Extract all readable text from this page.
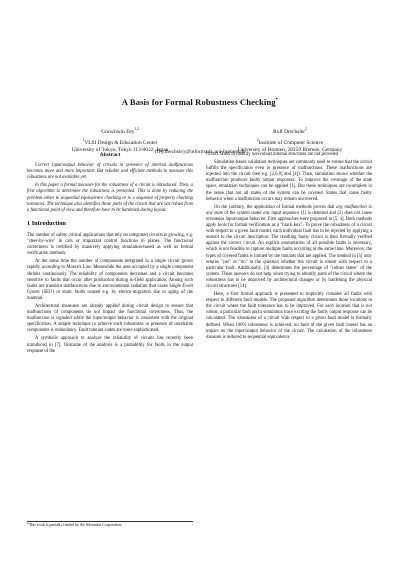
A Basis for Formal Robustness Checking*
Görschwin Fey$^{1,2}$
$^1$VLSI Design & Education Center
University of Tokyo, Tokyo 113-0032, Japan
Rolf Drechsler$^2$
$^2$Institute of Computer Science
University of Bremen, 28359 Bremen, Germany
{fey,drechsle}@informatik.uni-bremen.de
Abstract

Correct input/output behavior of circuits in presence of internal malfunctions becomes more and more important. But reliable and efficient methods to measure this robustness are not available yet.

In this paper a formal measure for the robustness of a circuit is introduced. Then, a first algorithm to determine the robustness is presented. This is done by reducing the problem either to sequential equivalence checking or to a sequence of property checking instances. The technique also identifies those parts of the circuit that are not robust from a functional point of view and therefore have to be hardened during layout.

1 Introduction

The number of safety critical applications that rely on integrated circuits is growing, e.g. "steer-by-wire" in cars or important control functions in planes. The functional correctness is certified by massively applying simulation-based as well as formal verification methods.

At the same time the number of components integrated in a single circuit grows rapidly according to Moore's Law. Meanwhile the area occupied by a single component shrinks continuously. The reliability of components decreases and a circuit becomes sensitive to faults that occur after production during in-field application. Among such faults are transient malfunctions due to environmental radiation that cause Single Event Upsets (SEU) or static faults caused e.g. by electro-migration due to aging of the material.

Architectural measures are already applied during circuit design to ensure that malfunctions of components do not impact the functional correctness. Thus, the malfunction is signaled while the input/output behavior is consistent with the original specification. A simple technique to achieve such robustness in presence of unreliable components is redundancy. Fault tolerant codes are more sophisticated.

A symbolic approach to analyze the reliability of circuits has recently been introduced in [7]. Outcome of the analysis is a probability for faults in the output response of the

*This work is partially funded by the Advantest Corporation.

circuit. Hints to identify non-robust internal structures are not provided.

Simulation-based validation techniques are commonly used to ensure that the circuit fulfills the specification even in presence of malfunctions. These malfunctions are injected into the circuit (see e.g. [2,6,8] and [4]). Then, simulation shows whether the malfunction produces faulty output responses. To improve the coverage of the state space, emulation techniques can be applied [1]. But these techniques are incomplete in the sense that not all states of the system can be covered. States that cause faulty behavior when a malfunction occurs may remain uncovered.

On the contrary, the application of formal methods proves that any malfunction in any state of the system under any input sequence (1) is detected and (2) does not cause erroneous input/output behavior. First approaches were proposed in [5, 4]. Both methods apply tools for formal verification as a "black box". To prove the robustness of a circuit with respect to a given fault model, each individual fault has to be injected by applying a mutant to the circuit description. The resulting faulty circuit is then formally verified against the correct circuit. An explicit enumeration of all possible faults is necessary, which is not feasible to capture multiple faults occurring at the same time. Moreover, the types of covered faults is limited by the mutants that are applied. The method in [5] only returns "yes" or "no" to the question whether the circuit is robust with respect to a particular fault. Additionally, [4] determines the percentage of "robust states" of the system. These answers do not help when trying to identify parts of the circuit where the robustness has to be improved by architectural changes or by hardening the physical circuit structures [14].

Here, a first formal approach is presented to implicitly consider all faults with respect to different fault models. The proposed algorithm determines those locations in the circuit where the fault tolerance has to be improved. For each location that is not robust, a particular fault and a simulation trace exciting the faulty output response can be calculated. The robustness of a circuit with respect to a given fault model is formally defined. When 100% robustness is achieved, no fault of the given fault model has an impact on the input/output behavior of the circuit. The calculation of the robustness measure is reduced to sequential equivalence
